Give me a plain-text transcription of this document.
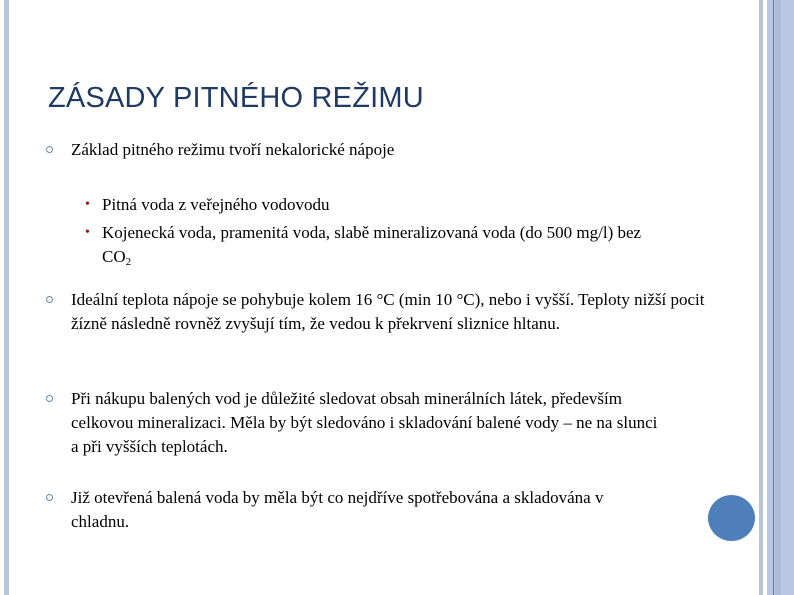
ZÁSADY PITNÉHO REŽIMU
Základ pitného režimu tvoří nekalorické nápoje
• Pitná voda z veřejného vodovodu
• Kojenecká voda, pramenitá voda, slabě mineralizovaná voda (do 500 mg/l) bez $CO_2$
Ideální teplota nápoje se pohybuje kolem 16 °C (min 10 °C), nebo i vyšší. Teploty nižší pocit žízně následně rovněž zvyšují tím, že vedou k překrvení sliznice hltanu.
Při nákupu balených vod je důležité sledovat obsah minerálních látek, především celkovou mineralizaci. Měla by být sledováno i skladování balené vody – ne na slunci a při vyšších teplotách.
Již otevřená balená voda by měla být co nejdříve spotřebována a skladována v chladnu.
